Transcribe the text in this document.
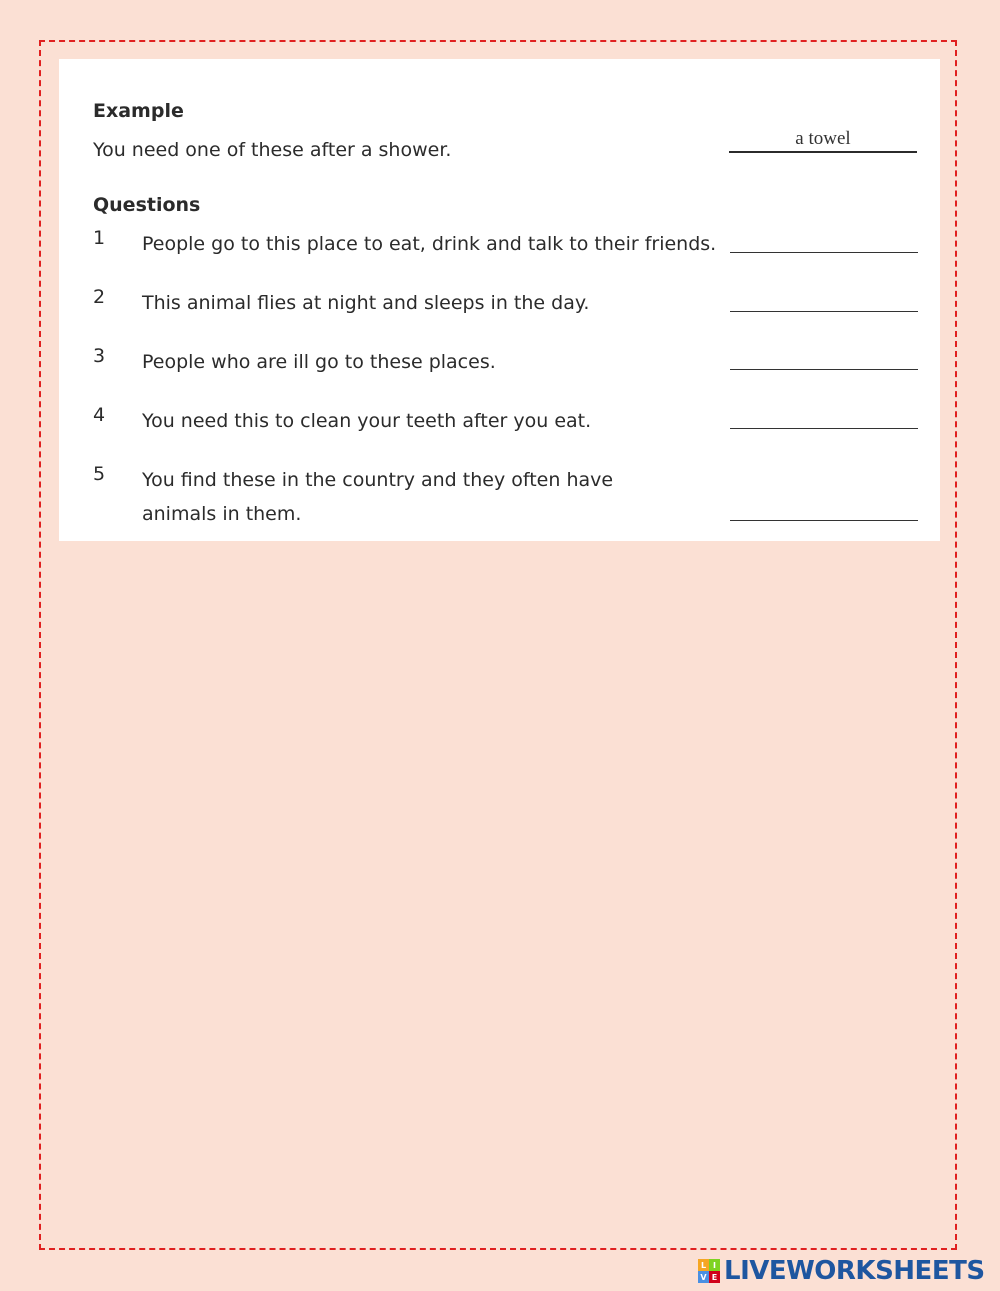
Example
You need one of these after a shower.
a towel
Questions
1	People go to this place to eat, drink and talk to their friends.
2	This animal flies at night and sleeps in the day.
3	People who are ill go to these places.
4	You need this to clean your teeth after you eat.
5	You find these in the country and they often have animals in them.
L I
V E LIVEWORKSHEETS
